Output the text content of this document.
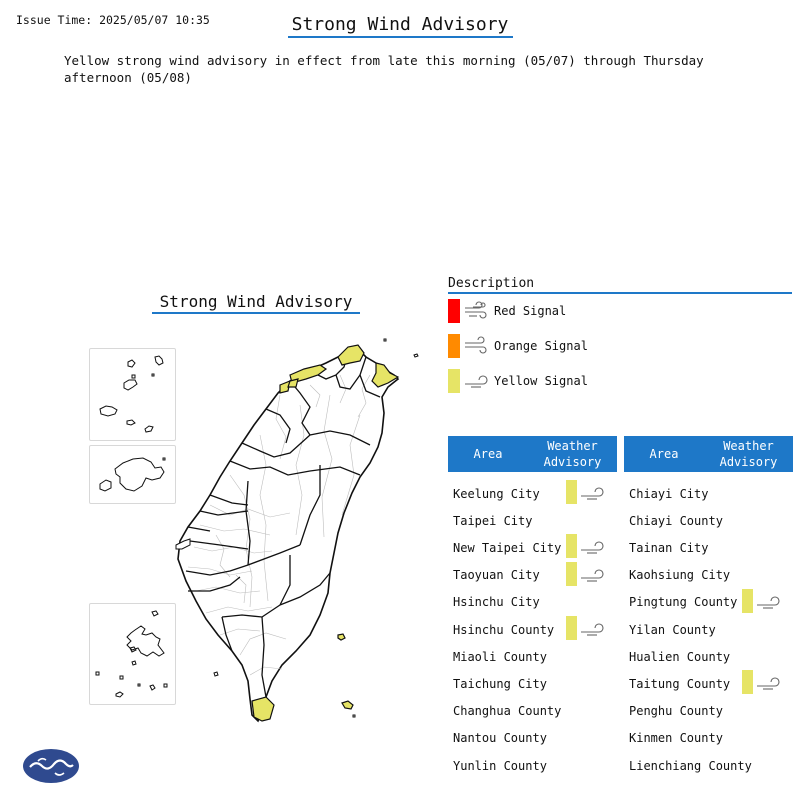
Issue Time: 2025/05/07 10:35	Strong Wind Advisory
Yellow strong wind advisory in effect from late this morning (05/07) through Thursday afternoon (05/08)
Strong Wind Advisory
Description
Red Signal
Orange Signal
Yellow Signal
Area
Weather
Advisory
Keelung City
Taipei City
New Taipei City
Taoyuan City
Hsinchu City
Hsinchu County
Miaoli County
Taichung City
Changhua County
Nantou County
Yunlin County
Area
Weather
Advisory
Chiayi City
Chiayi County
Tainan City
Kaohsiung City
Pingtung County
Yilan County
Hualien County
Taitung County
Penghu County
Kinmen County
Lienchiang County
